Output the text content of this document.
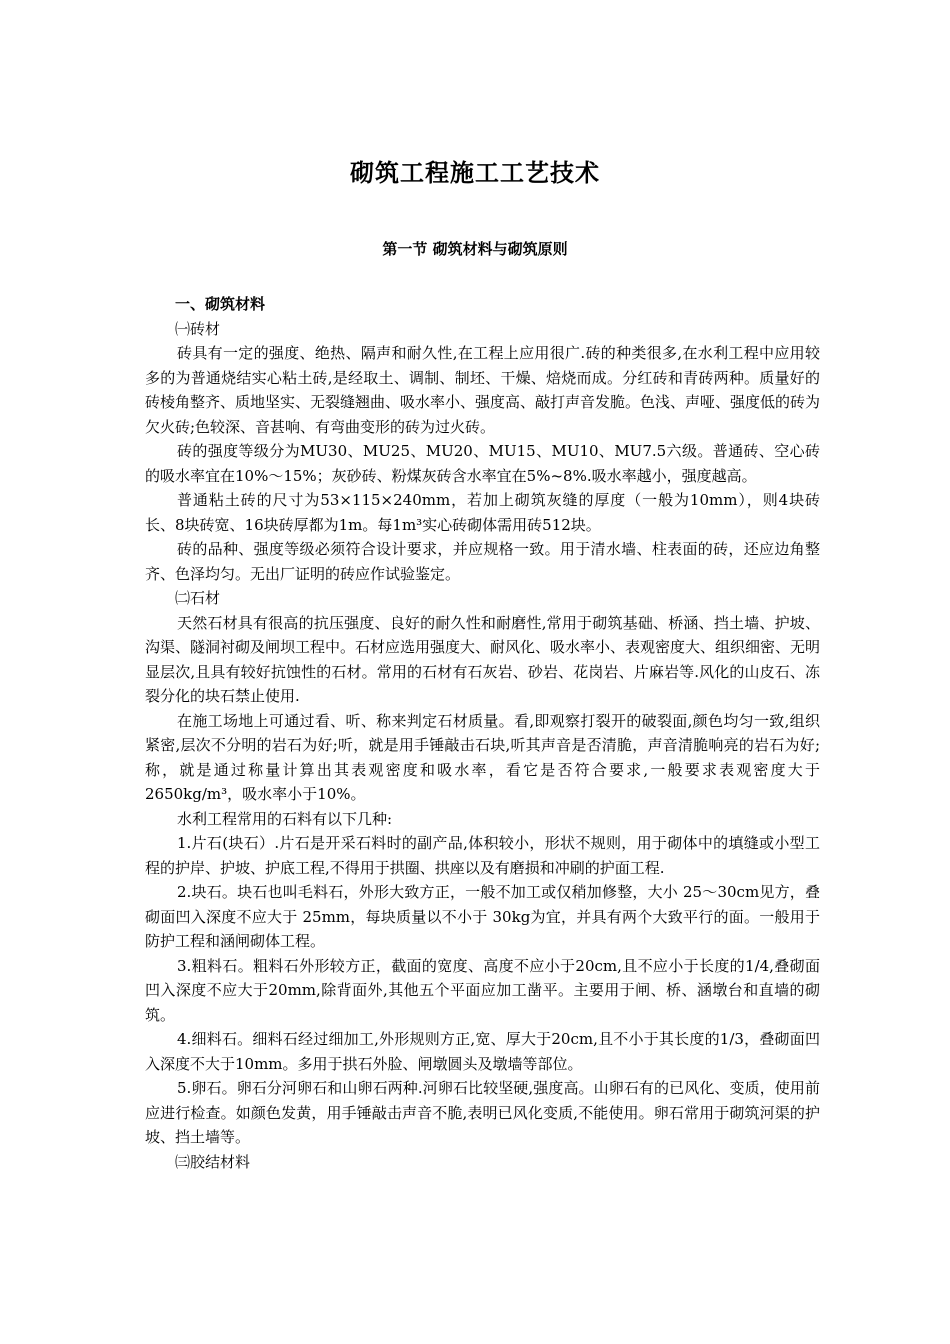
砌筑工程施工工艺技术
第一节 砌筑材料与砌筑原则

一、砌筑材料

㈠砖材

砖具有一定的强度、绝热、隔声和耐久性,在工程上应用很广.砖的种类很多,在水利工程中应用较多的为普通烧结实心粘土砖,是经取土、调制、制坯、干燥、焙烧而成。分红砖和青砖两种。质量好的砖棱角整齐、质地坚实、无裂缝翘曲、吸水率小、强度高、敲打声音发脆。色浅、声哑、强度低的砖为欠火砖;色较深、音甚响、有弯曲变形的砖为过火砖。

砖的强度等级分为MU30、MU25、MU20、MU15、MU10、MU7.5六级。普通砖、空心砖的吸水率宜在10%～15%；灰砂砖、粉煤灰砖含水率宜在5%~8%.吸水率越小，强度越高。

普通粘土砖的尺寸为53×115×240mm，若加上砌筑灰缝的厚度（一般为10mm），则4块砖长、8块砖宽、16块砖厚都为1m。每1m³实心砖砌体需用砖512块。

砖的品种、强度等级必须符合设计要求，并应规格一致。用于清水墙、柱表面的砖，还应边角整齐、色泽均匀。无出厂证明的砖应作试验鉴定。

㈡石材

天然石材具有很高的抗压强度、良好的耐久性和耐磨性,常用于砌筑基础、桥涵、挡土墙、护坡、沟渠、隧洞衬砌及闸坝工程中。石材应选用强度大、耐风化、吸水率小、表观密度大、组织细密、无明显层次,且具有较好抗蚀性的石材。常用的石材有石灰岩、砂岩、花岗岩、片麻岩等.风化的山皮石、冻裂分化的块石禁止使用.

在施工场地上可通过看、听、称来判定石材质量。看,即观察打裂开的破裂面,颜色均匀一致,组织紧密,层次不分明的岩石为好;听，就是用手锤敲击石块,听其声音是否清脆，声音清脆响亮的岩石为好;称，就是通过称量计算出其表观密度和吸水率，看它是否符合要求,一般要求表观密度大于2650kg/m³，吸水率小于10%。

水利工程常用的石料有以下几种:

1.片石(块石）.片石是开采石料时的副产品,体积较小，形状不规则，用于砌体中的填缝或小型工程的护岸、护坡、护底工程,不得用于拱圈、拱座以及有磨损和冲刷的护面工程.

2.块石。块石也叫毛料石，外形大致方正，一般不加工或仅稍加修整，大小 25～30cm见方，叠砌面凹入深度不应大于 25mm，每块质量以不小于 30kg为宜，并具有两个大致平行的面。一般用于防护工程和涵闸砌体工程。

3.粗料石。粗料石外形较方正，截面的宽度、高度不应小于20cm,且不应小于长度的1/4,叠砌面凹入深度不应大于20mm,除背面外,其他五个平面应加工凿平。主要用于闸、桥、涵墩台和直墙的砌筑。

4.细料石。细料石经过细加工,外形规则方正,宽、厚大于20cm,且不小于其长度的1/3，叠砌面凹入深度不大于10mm。多用于拱石外脸、闸墩圆头及墩墙等部位。

5.卵石。卵石分河卵石和山卵石两种.河卵石比较坚硬,强度高。山卵石有的已风化、变质，使用前应进行检查。如颜色发黄，用手锤敲击声音不脆,表明已风化变质,不能使用。卵石常用于砌筑河渠的护坡、挡土墙等。

㈢胶结材料
